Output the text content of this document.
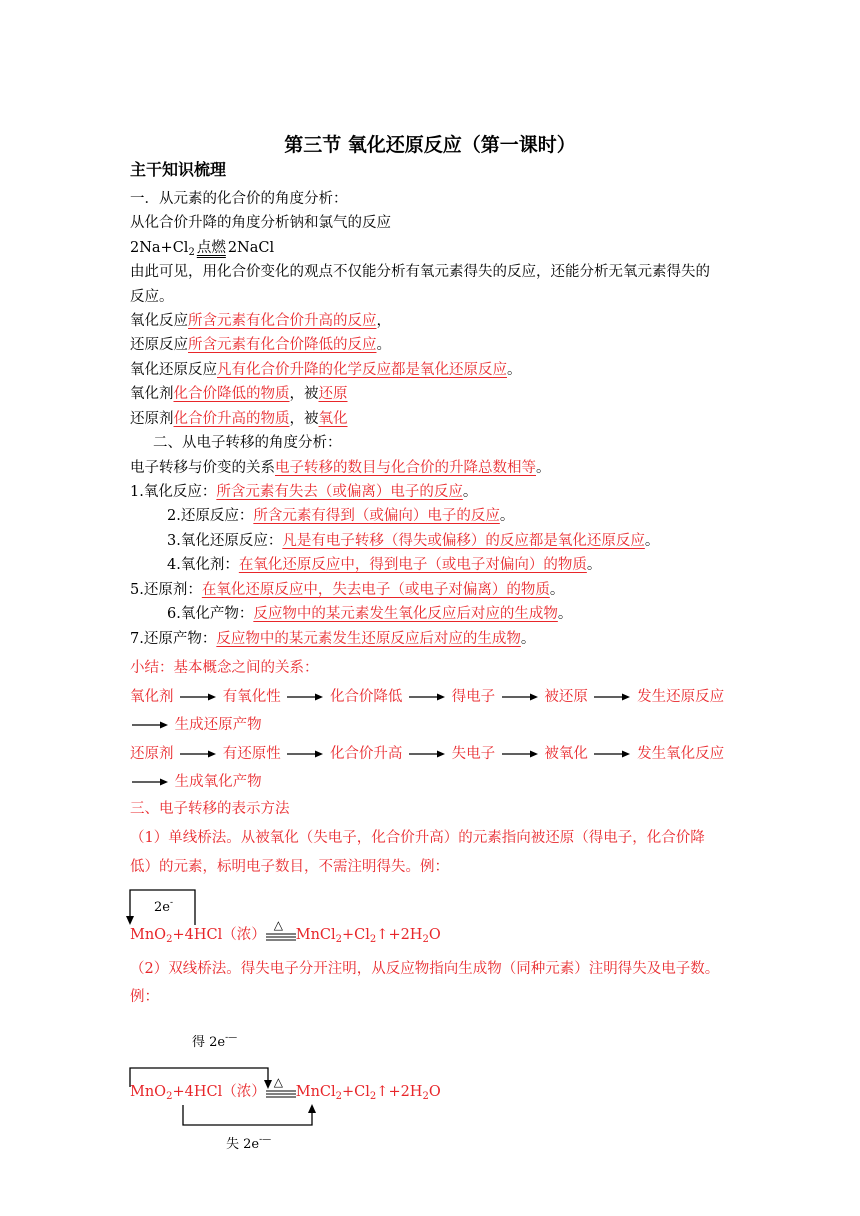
第三节 氧化还原反应（第一课时）
主干知识梳理
一．从元素的化合价的角度分析：
从化合价升降的角度分析钠和氯气的反应
$2Na+Cl_2$ 点燃 2NaCl
由此可见，用化合价变化的观点不仅能分析有氧元素得失的反应，还能分析无氧元素得失的
反应。
氧化反应所含元素有化合价升高的反应，
还原反应所含元素有化合价降低的反应。
氧化还原反应凡有化合价升降的化学反应都是氧化还原反应。
氧化剂化合价降低的物质，被还原
还原剂化合价升高的物质，被氧化
二、从电子转移的角度分析：
电子转移与价变的关系电子转移的数目与化合价的升降总数相等。
1.氧化反应：所含元素有失去（或偏离）电子的反应。
2.还原反应：所含元素有得到（或偏向）电子的反应。
3.氧化还原反应：凡是有电子转移（得失或偏移）的反应都是氧化还原反应。
4.氧化剂：在氧化还原反应中，得到电子（或电子对偏向）的物质。
5.还原剂：在氧化还原反应中，失去电子（或电子对偏离）的物质。
6.氧化产物：反应物中的某元素发生氧化反应后对应的生成物。
7.还原产物：反应物中的某元素发生还原反应后对应的生成物。
小结：基本概念之间的关系：
氧化剂	有氧化性	化合价降低	得电子	被还原	发生还原反应
生成还原产物
还原剂	有还原性	化合价升高	失电子	被氧化	发生氧化反应
生成氧化产物
三、电子转移的表示方法
（1）单线桥法。从被氧化（失电子，化合价升高）的元素指向被还原（得电子，化合价降
低）的元素，标明电子数目，不需注明得失。例：
2e-
MnO$_2$+4HCl（浓）
△
$MnCl_2+Cl_2↑+2H_2O$
（2）双线桥法。得失电子分开注明，从反应物指向生成物（同种元素）注明得失及电子数。
例：
得 2e-—
MnO$_2$+4HCl（浓）
△
$MnCl_2+Cl_2↑+2H_2O$
失 2e-—
